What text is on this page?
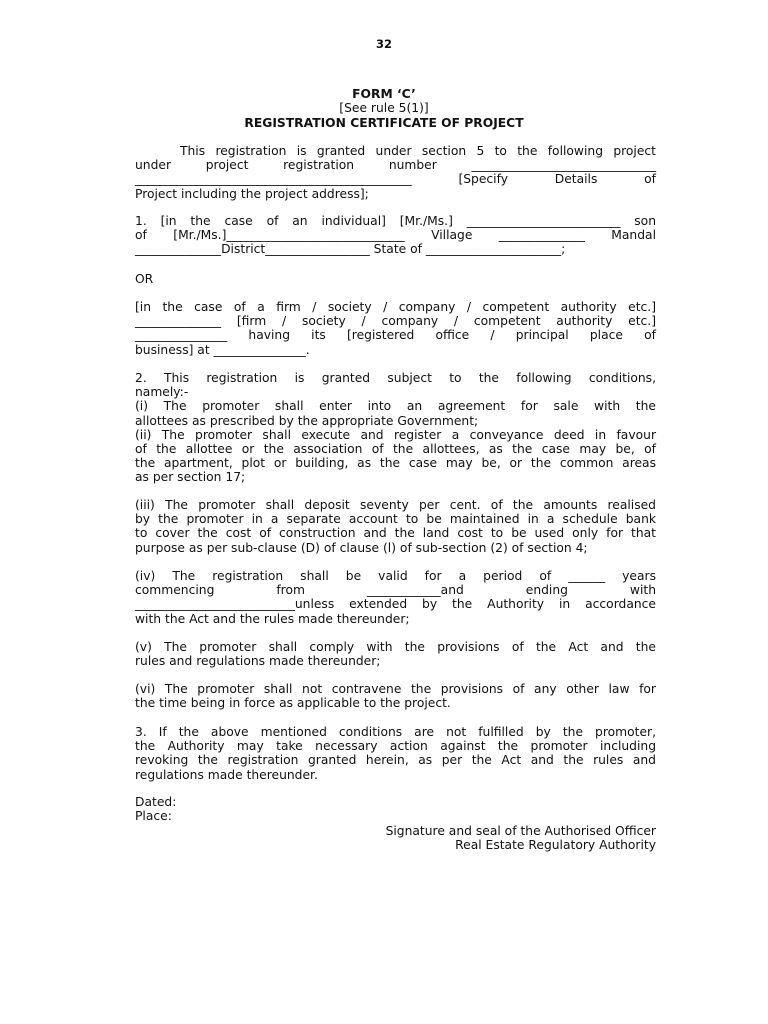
32
FORM ‘C’
[See rule 5(1)]
REGISTRATION CERTIFICATE OF PROJECT
This registration is granted under section 5 to the following project
under project registration number ______________________________
_____________________________________________ [Specify Details of
Project including the project address];
1. [in the case of an individual] [Mr./Ms.] _________________________ son
of [Mr./Ms.]_____________________________ Village ______________ Mandal
______________District_________________ State of ______________________;
OR
[in the case of a firm / society / company / competent authority etc.]
______________ [firm / society / company / competent authority etc.]
_______________ having its [registered office / principal place of
business] at _______________.
2. This registration is granted subject to the following conditions,
namely:-
(i) The promoter shall enter into an agreement for sale with the
allottees as prescribed by the appropriate Government;
(ii) The promoter shall execute and register a conveyance deed in favour
of the allottee or the association of the allottees, as the case may be, of
the apartment, plot or building, as the case may be, or the common areas
as per section 17;
(iii) The promoter shall deposit seventy per cent. of the amounts realised
by the promoter in a separate account to be maintained in a schedule bank
to cover the cost of construction and the land cost to be used only for that
purpose as per sub-clause (D) of clause (l) of sub-section (2) of section 4;
(iv) The registration shall be valid for a period of ______ years
commencing from ____________and ending with
__________________________unless extended by the Authority in accordance
with the Act and the rules made thereunder;
(v) The promoter shall comply with the provisions of the Act and the
rules and regulations made thereunder;
(vi) The promoter shall not contravene the provisions of any other law for
the time being in force as applicable to the project.
3. If the above mentioned conditions are not fulfilled by the promoter,
the Authority may take necessary action against the promoter including
revoking the registration granted herein, as per the Act and the rules and
regulations made thereunder.
Dated:
Place:
Signature and seal of the Authorised Officer
Real Estate Regulatory Authority
